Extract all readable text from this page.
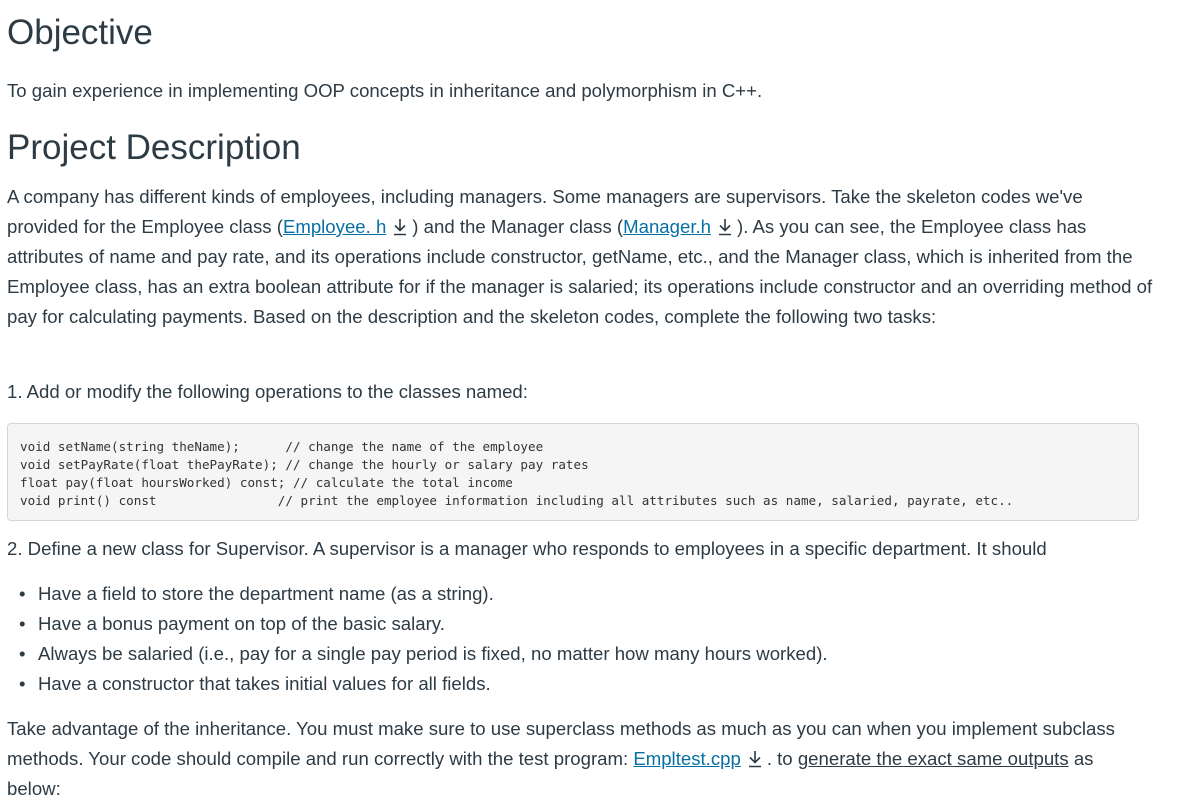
Objective
To gain experience in implementing OOP concepts in inheritance and polymorphism in C++.
Project Description
A company has different kinds of employees, including managers. Some managers are supervisors. Take the skeleton codes we've provided for the Employee class (Employee. h ) and the Manager class (Manager.h ). As you can see, the Employee class has attributes of name and pay rate, and its operations include constructor, getName, etc., and the Manager class, which is inherited from the Employee class, has an extra boolean attribute for if the manager is salaried; its operations include constructor and an overriding method of pay for calculating payments. Based on the description and the skeleton codes, complete the following two tasks:
1. Add or modify the following operations to the classes named:
void setName(string theName);      // change the name of the employee
void setPayRate(float thePayRate); // change the hourly or salary pay rates
float pay(float hoursWorked) const; // calculate the total income
void print() const                // print the employee information including all attributes such as name, salaried, payrate, etc..
2. Define a new class for Supervisor. A supervisor is a manager who responds to employees in a specific department. It should
• Have a field to store the department name (as a string).
• Have a bonus payment on top of the basic salary.
• Always be salaried (i.e., pay for a single pay period is fixed, no matter how many hours worked).
• Have a constructor that takes initial values for all fields.
Take advantage of the inheritance. You must make sure to use superclass methods as much as you can when you implement subclass methods. Your code should compile and run correctly with the test program: Empltest.cpp . to generate the exact same outputs as below:
